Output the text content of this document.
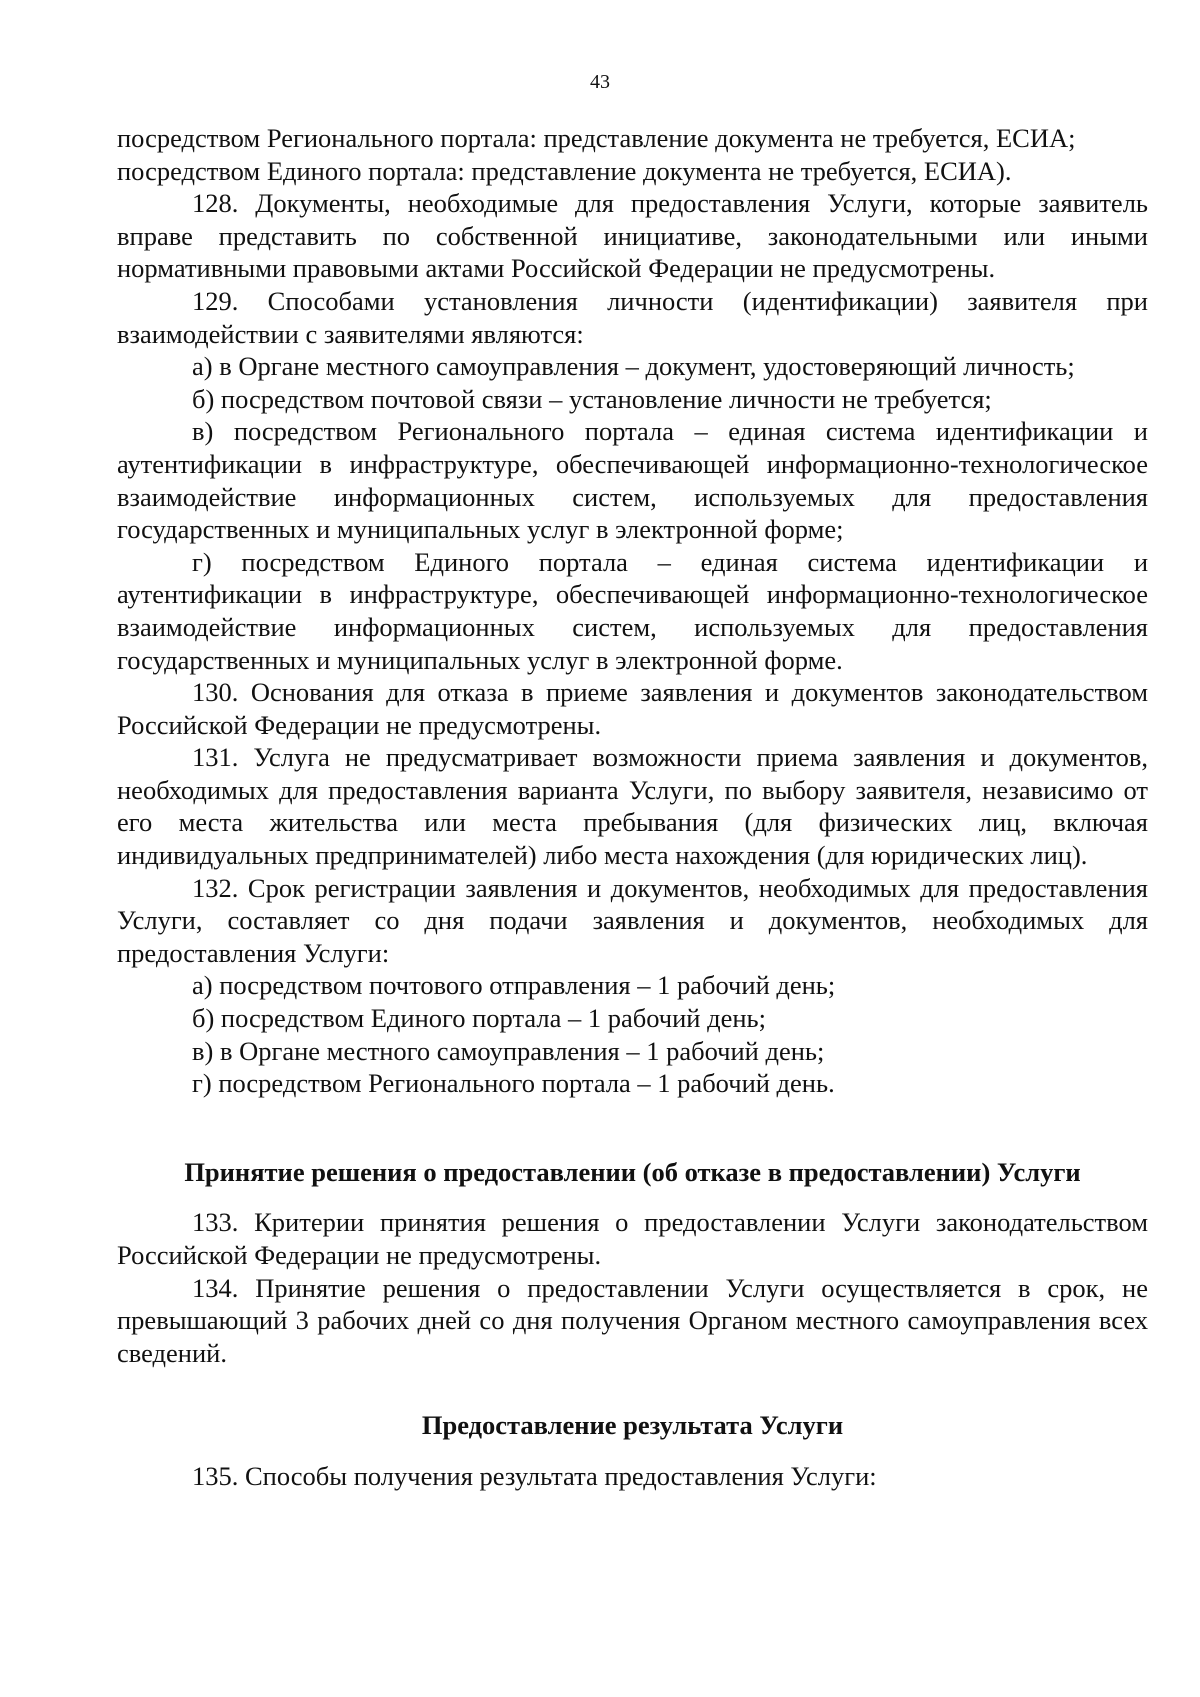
43

посредством Регионального портала: представление документа не требуется, ЕСИА;

посредством Единого портала: представление документа не требуется, ЕСИА).

128. Документы, необходимые для предоставления Услуги, которые заявитель вправе представить по собственной инициативе, законодательными или иными нормативными правовыми актами Российской Федерации не предусмотрены.

129. Способами установления личности (идентификации) заявителя при взаимодействии с заявителями являются:

а) в Органе местного самоуправления – документ, удостоверяющий личность;

б) посредством почтовой связи – установление личности не требуется;

в) посредством Регионального портала – единая система идентификации и аутентификации в инфраструктуре, обеспечивающей информационно-технологическое взаимодействие информационных систем, используемых для предоставления государственных и муниципальных услуг в электронной форме;

г) посредством Единого портала – единая система идентификации и аутентификации в инфраструктуре, обеспечивающей информационно-технологическое взаимодействие информационных систем, используемых для предоставления государственных и муниципальных услуг в электронной форме.

130. Основания для отказа в приеме заявления и документов законодательством Российской Федерации не предусмотрены.

131. Услуга не предусматривает возможности приема заявления и документов, необходимых для предоставления варианта Услуги, по выбору заявителя, независимо от его места жительства или места пребывания (для физических лиц, включая индивидуальных предпринимателей) либо места нахождения (для юридических лиц).

132. Срок регистрации заявления и документов, необходимых для предоставления Услуги, составляет со дня подачи заявления и документов, необходимых для предоставления Услуги:

а) посредством почтового отправления – 1 рабочий день;

б) посредством Единого портала – 1 рабочий день;

в) в Органе местного самоуправления – 1 рабочий день;

г) посредством Регионального портала – 1 рабочий день.

Принятие решения о предоставлении (об отказе в предоставлении) Услуги

133. Критерии принятия решения о предоставлении Услуги законодательством Российской Федерации не предусмотрены.

134. Принятие решения о предоставлении Услуги осуществляется в срок, не превышающий 3 рабочих дней со дня получения Органом местного самоуправления всех сведений.

Предоставление результата Услуги

135. Способы получения результата предоставления Услуги:
